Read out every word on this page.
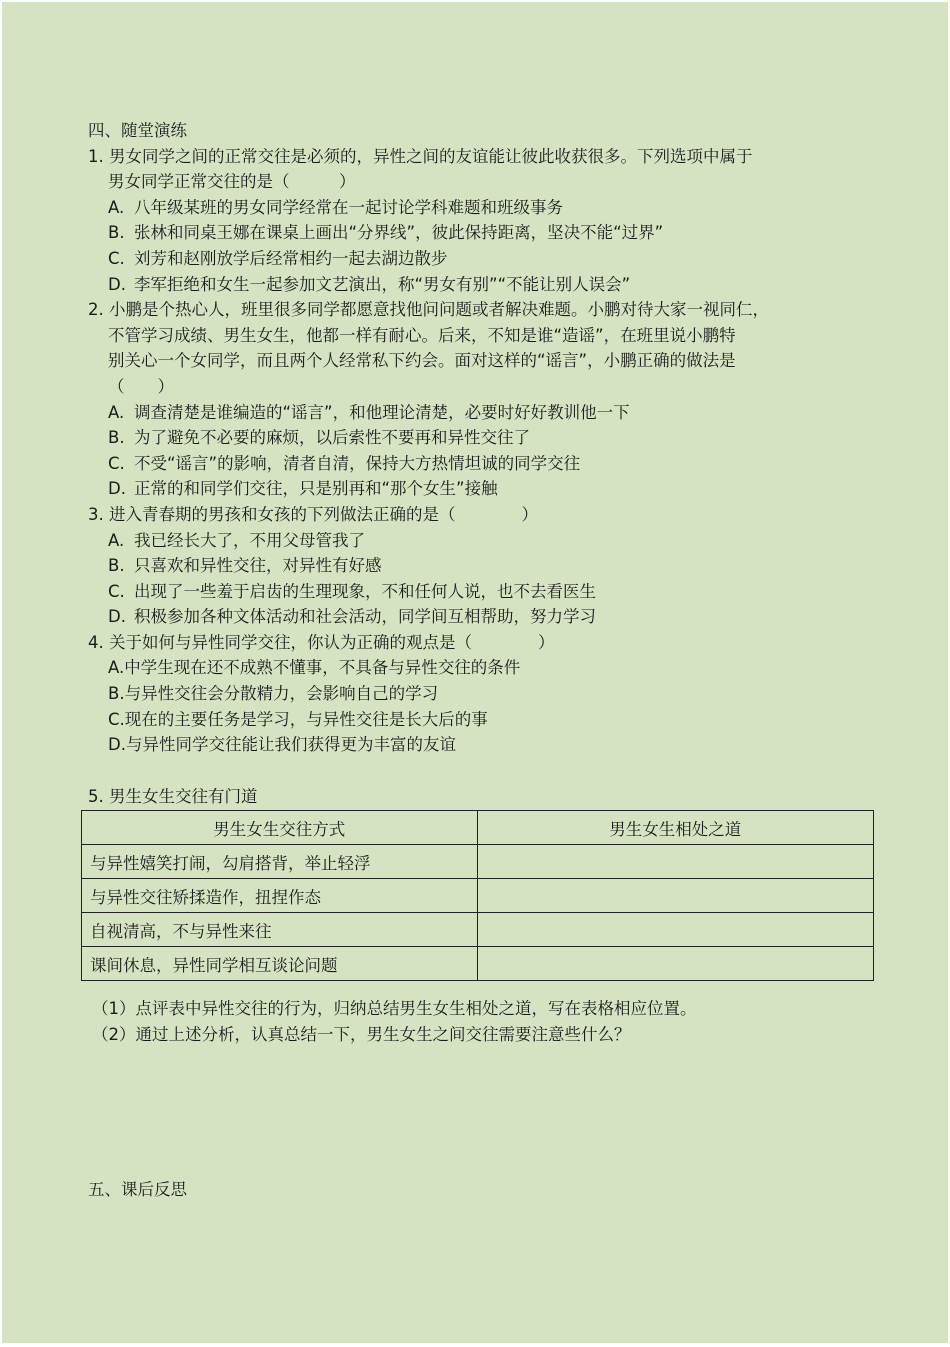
四、随堂演练
1. 男女同学之间的正常交往是必须的，异性之间的友谊能让彼此收获很多。下列选项中属于
男女同学正常交往的是（　　　）
A. 八年级某班的男女同学经常在一起讨论学科难题和班级事务
B. 张林和同桌王娜在课桌上画出“分界线”，彼此保持距离，坚决不能“过界”
C. 刘芳和赵刚放学后经常相约一起去湖边散步
D. 李军拒绝和女生一起参加文艺演出，称“男女有别”“不能让别人误会”
2. 小鹏是个热心人，班里很多同学都愿意找他问问题或者解决难题。小鹏对待大家一视同仁，
不管学习成绩、男生女生，他都一样有耐心。后来，不知是谁“造谣”，在班里说小鹏特
别关心一个女同学，而且两个人经常私下约会。面对这样的“谣言”，小鹏正确的做法是
（　　）
A. 调查清楚是谁编造的“谣言”，和他理论清楚，必要时好好教训他一下
B. 为了避免不必要的麻烦，以后索性不要再和异性交往了
C. 不受“谣言”的影响，清者自清，保持大方热情坦诚的同学交往
D. 正常的和同学们交往，只是别再和“那个女生”接触
3. 进入青春期的男孩和女孩的下列做法正确的是（　　　　）
A. 我已经长大了，不用父母管我了
B. 只喜欢和异性交往，对异性有好感
C. 出现了一些羞于启齿的生理现象，不和任何人说，也不去看医生
D. 积极参加各种文体活动和社会活动，同学间互相帮助，努力学习
4. 关于如何与异性同学交往，你认为正确的观点是（　　　　）
A.中学生现在还不成熟不懂事，不具备与异性交往的条件
B.与异性交往会分散精力，会影响自己的学习
C.现在的主要任务是学习，与异性交往是长大后的事
D.与异性同学交往能让我们获得更为丰富的友谊
5. 男生女生交往有门道
男生女生交往方式	男生女生相处之道
与异性嬉笑打闹，勾肩搭背，举止轻浮	
与异性交往矫揉造作，扭捏作态	
自视清高，不与异性来往	
课间休息，异性同学相互谈论问题	
（1）点评表中异性交往的行为，归纳总结男生女生相处之道，写在表格相应位置。
（2）通过上述分析，认真总结一下，男生女生之间交往需要注意些什么？
五、课后反思
